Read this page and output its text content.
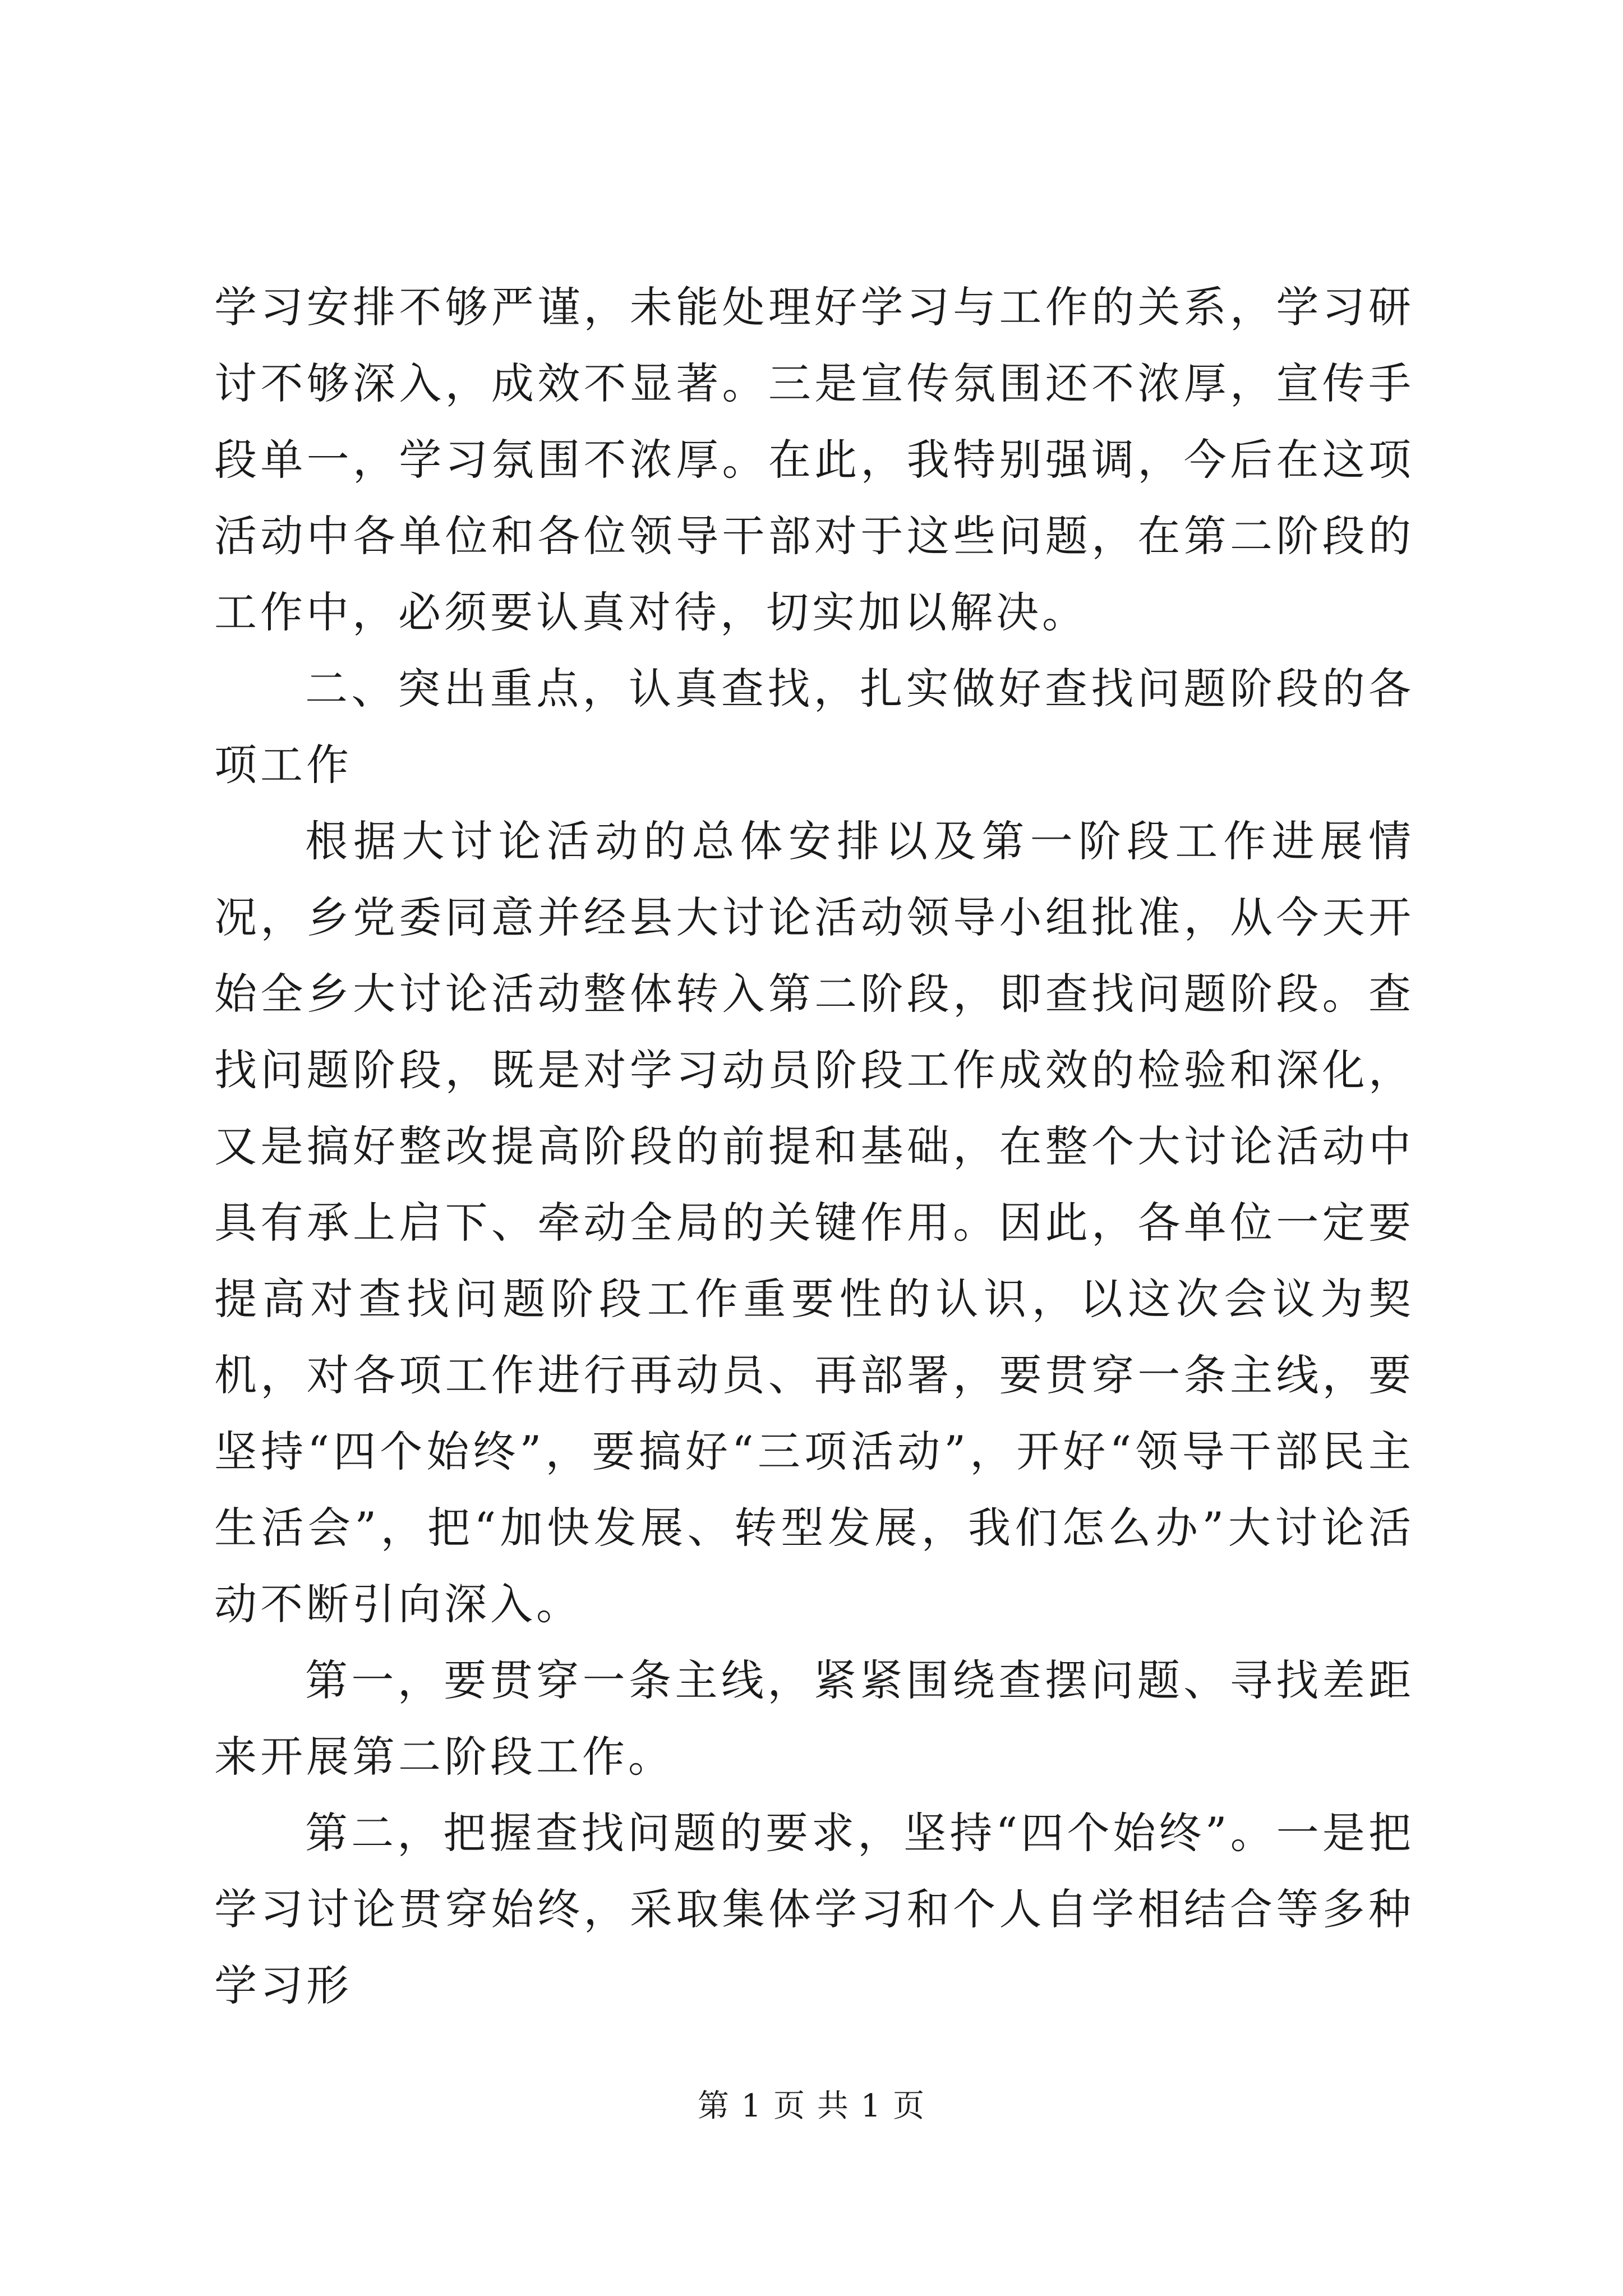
学习安排不够严谨，未能处理好学习与工作的关系，学习研讨不够深入，成效不显著。三是宣传氛围还不浓厚，宣传手段单一，学习氛围不浓厚。在此，我特别强调，今后在这项活动中各单位和各位领导干部对于这些问题，在第二阶段的工作中，必须要认真对待，切实加以解决。

二、突出重点，认真查找，扎实做好查找问题阶段的各项工作

根据大讨论活动的总体安排以及第一阶段工作进展情况，乡党委同意并经县大讨论活动领导小组批准，从今天开始全乡大讨论活动整体转入第二阶段，即查找问题阶段。查找问题阶段，既是对学习动员阶段工作成效的检验和深化，又是搞好整改提高阶段的前提和基础，在整个大讨论活动中具有承上启下、牵动全局的关键作用。因此，各单位一定要提高对查找问题阶段工作重要性的认识，以这次会议为契机，对各项工作进行再动员、再部署，要贯穿一条主线，要坚持“四个始终”，要搞好“三项活动”，开好“领导干部民主生活会”，把“加快发展、转型发展，我们怎么办”大讨论活动不断引向深入。

第一，要贯穿一条主线，紧紧围绕查摆问题、寻找差距来开展第二阶段工作。

第二，把握查找问题的要求，坚持“四个始终”。一是把学习讨论贯穿始终，采取集体学习和个人自学相结合等多种学习形

第 1 页 共 1 页
